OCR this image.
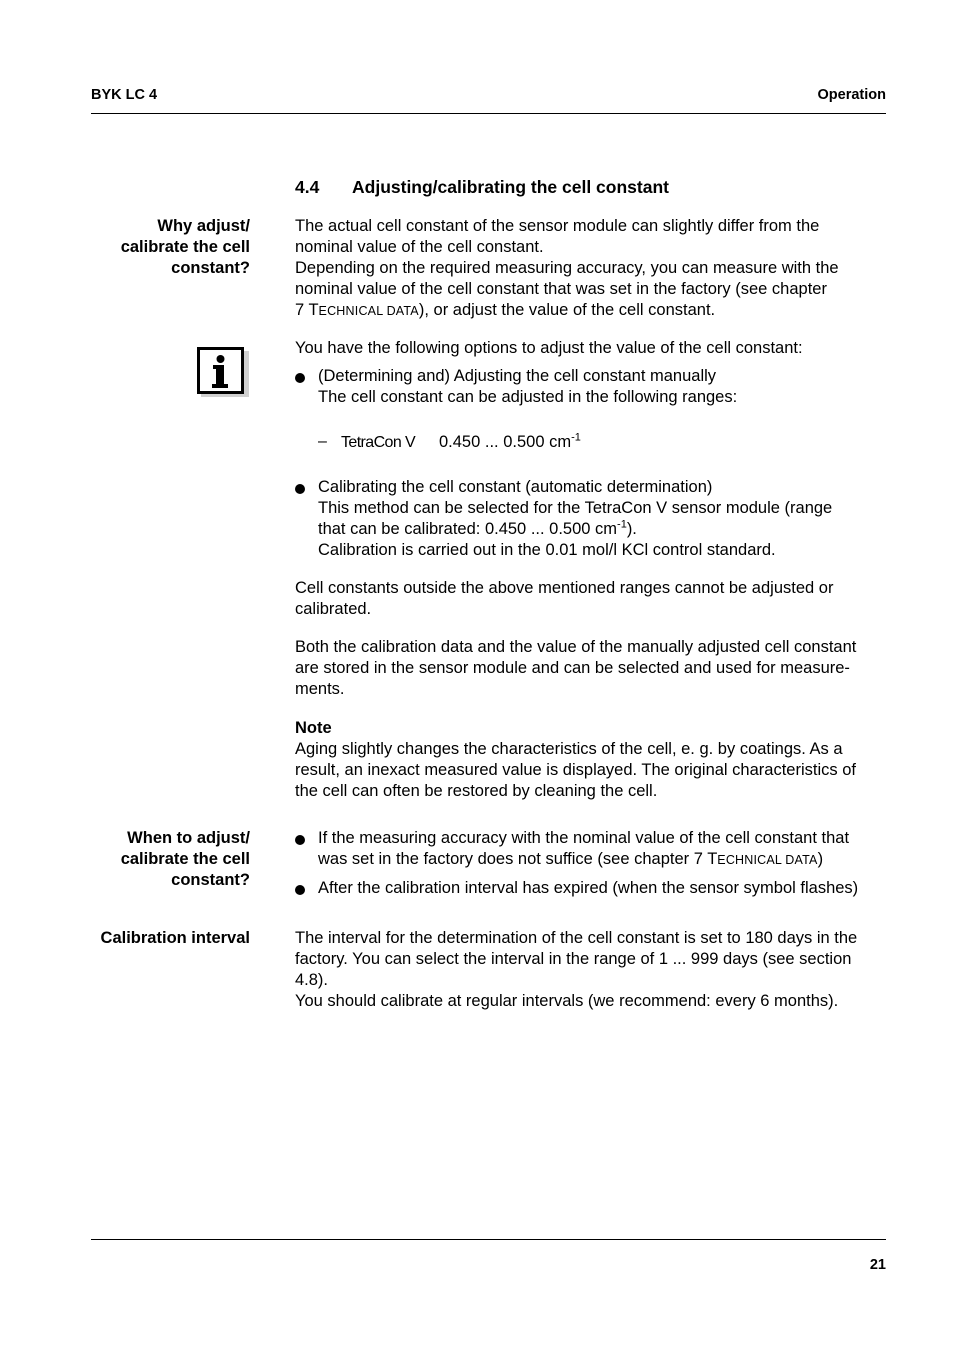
BYK LC 4	Operation
4.4 Adjusting/calibrating the cell constant
Why adjust/
calibrate the cell
constant?
The actual cell constant of the sensor module can slightly differ from the
nominal value of the cell constant.
Depending on the required measuring accuracy, you can measure with the
nominal value of the cell constant that was set in the factory (see chapter
7 TECHNICAL DATA), or adjust the value of the cell constant.
You have the following options to adjust the value of the cell constant:
(Determining and) Adjusting the cell constant manually
The cell constant can be adjusted in the following ranges:
– TetraCon V 0.450 ... 0.500 $cm^{-1}$
Calibrating the cell constant (automatic determination)
This method can be selected for the TetraCon V sensor module (range
that can be calibrated: 0.450 ... 0.500 $cm^{-1}$).
Calibration is carried out in the 0.01 mol/l KCl control standard.
Cell constants outside the above mentioned ranges cannot be adjusted or
calibrated.
Both the calibration data and the value of the manually adjusted cell constant
are stored in the sensor module and can be selected and used for measure-
ments.
Note
Aging slightly changes the characteristics of the cell, e. g. by coatings. As a
result, an inexact measured value is displayed. The original characteristics of
the cell can often be restored by cleaning the cell.
When to adjust/
calibrate the cell
constant?
If the measuring accuracy with the nominal value of the cell constant that
was set in the factory does not suffice (see chapter 7 TECHNICAL DATA)
After the calibration interval has expired (when the sensor symbol flashes)
Calibration interval	The interval for the determination of the cell constant is set to 180 days in the
factory. You can select the interval in the range of 1 ... 999 days (see section
4.8).
You should calibrate at regular intervals (we recommend: every 6 months).
21
